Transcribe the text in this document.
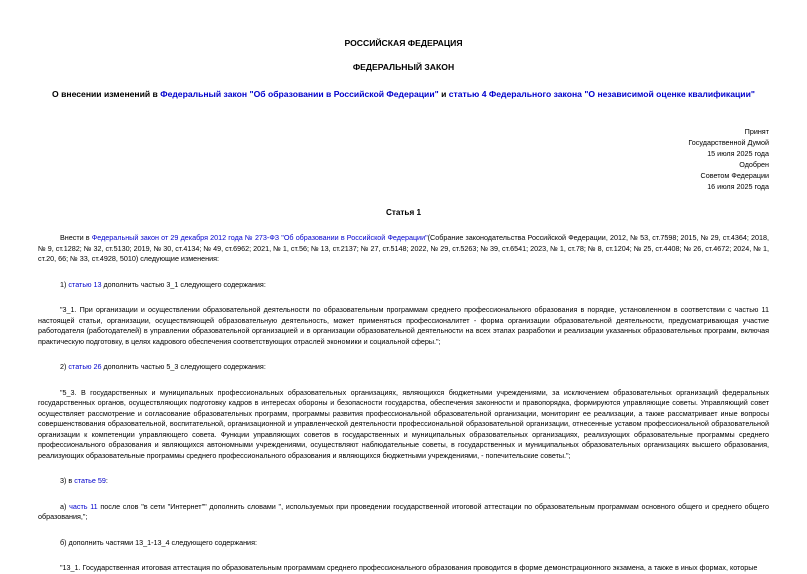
РОССИЙСКАЯ ФЕДЕРАЦИЯ
ФЕДЕРАЛЬНЫЙ ЗАКОН
О внесении изменений в Федеральный закон "Об образовании в Российской Федерации" и статью 4 Федерального закона "О независимой оценке квалификации"
Принят
Государственной Думой
15 июля 2025 года
Одобрен
Советом Федерации
16 июля 2025 года
Статья 1

Внести в Федеральный закон от 29 декабря 2012 года № 273-ФЗ "Об образовании в Российской Федерации"(Собрание законодательства Российской Федерации, 2012, № 53, ст.7598; 2015, № 29, ст.4364; 2018, № 9, ст.1282; № 32, ст.5130; 2019, № 30, ст.4134; № 49, ст.6962; 2021, № 1, ст.56; № 13, ст.2137; № 27, ст.5148; 2022, № 29, ст.5263; № 39, ст.6541; 2023, № 1, ст.78; № 8, ст.1204; № 25, ст.4408; № 26, ст.4672; 2024, № 1, ст.20, 66; № 33, ст.4928, 5010) следующие изменения:

1) статью 13 дополнить частью 3_1 следующего содержания:

"3_1. При организации и осуществлении образовательной деятельности по образовательным программам среднего профессионального образования в порядке, установленном в соответствии с частью 11 настоящей статьи, организации, осуществляющей образовательную деятельность, может применяться профессионалитет - форма организации образовательной деятельности, предусматривающая участие работодателя (работодателей) в управлении образовательной организацией и в организации образовательной деятельности на всех этапах разработки и реализации указанных образовательных программ, включая практическую подготовку, в целях кадрового обеспечения соответствующих отраслей экономики и социальной сферы.";

2) статью 26 дополнить частью 5_3 следующего содержания:

"5_3. В государственных и муниципальных профессиональных образовательных организациях, являющихся бюджетными учреждениями, за исключением образовательных организаций федеральных государственных органов, осуществляющих подготовку кадров в интересах обороны и безопасности государства, обеспечения законности и правопорядка, формируются управляющие советы. Управляющий совет осуществляет рассмотрение и согласование образовательных программ, программы развития профессиональной образовательной организации, мониторинг ее реализации, а также рассматривает иные вопросы совершенствования образовательной, воспитательной, организационной и управленческой деятельности профессиональной образовательной организации, отнесенные уставом профессиональной образовательной организации к компетенции управляющего совета. Функции управляющих советов в государственных и муниципальных образовательных организациях, реализующих образовательные программы среднего профессионального образования и являющихся автономными учреждениями, осуществляют наблюдательные советы, в государственных и муниципальных образовательных организациях высшего образования, реализующих образовательные программы среднего профессионального образования и являющихся бюджетными учреждениями, - попечительские советы.";

3) в статье 59:

а) часть 11 после слов "в сети "Интернет"" дополнить словами ", используемых при проведении государственной итоговой аттестации по образовательным программам основного общего и среднего общего образования,";

б) дополнить частями 13_1-13_4 следующего содержания:

"13_1. Государственная итоговая аттестация по образовательным программам среднего профессионального образования проводится в форме демонстрационного экзамена, а также в иных формах, которые
